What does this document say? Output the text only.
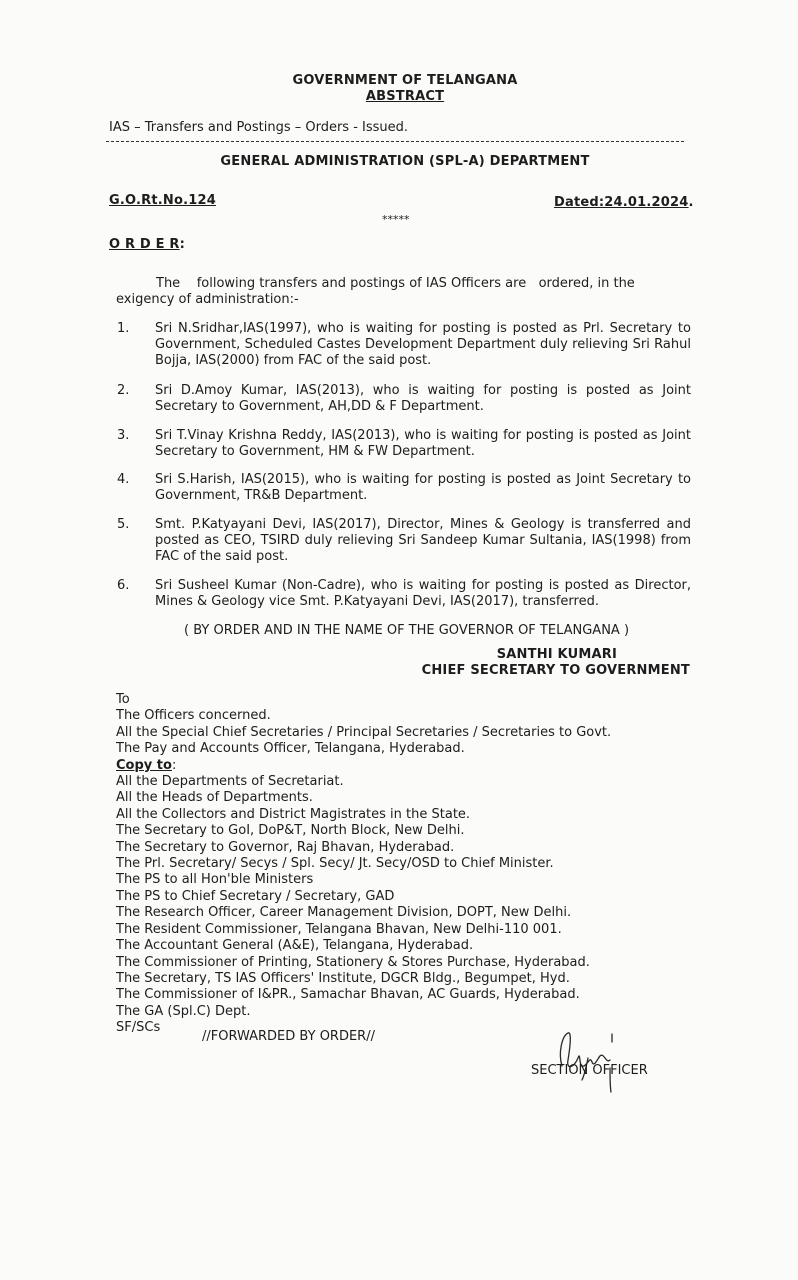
GOVERNMENT OF TELANGANA
ABSTRACT
IAS – Transfers and Postings – Orders - Issued.
GENERAL ADMINISTRATION (SPL-A) DEPARTMENT
G.O.Rt.No.124	Dated:24.01.2024.
*****
O R D E R:
The    following transfers and postings of IAS Officers are   ordered, in the
exigency of administration:-
1. Sri N.Sridhar,IAS(1997), who is waiting for posting is posted as Prl. Secretary to Government, Scheduled Castes Development Department duly relieving Sri Rahul Bojja, IAS(2000) from FAC of the said post.
2. Sri D.Amoy Kumar, IAS(2013), who is waiting for posting is posted as Joint Secretary to Government, AH,DD & F Department.
3. Sri T.Vinay Krishna Reddy, IAS(2013), who is waiting for posting is posted as Joint Secretary to Government, HM & FW Department.
4. Sri S.Harish, IAS(2015), who is waiting for posting is posted as Joint Secretary to Government, TR&B Department.
5. Smt. P.Katyayani Devi, IAS(2017), Director, Mines & Geology is transferred and posted as CEO, TSIRD duly relieving Sri Sandeep Kumar Sultania, IAS(1998) from FAC of the said post.
6. Sri Susheel Kumar (Non-Cadre), who is waiting for posting is posted as Director, Mines & Geology vice Smt. P.Katyayani Devi, IAS(2017), transferred.
( BY ORDER AND IN THE NAME OF THE GOVERNOR OF TELANGANA )
SANTHI KUMARI
CHIEF SECRETARY TO GOVERNMENT
To
The Officers concerned.
All the Special Chief Secretaries / Principal Secretaries / Secretaries to Govt.
The Pay and Accounts Officer, Telangana, Hyderabad.
Copy to:
All the Departments of Secretariat.
All the Heads of Departments.
All the Collectors and District Magistrates in the State.
The Secretary to GoI, DoP&T, North Block, New Delhi.
The Secretary to Governor, Raj Bhavan, Hyderabad.
The Prl. Secretary/ Secys / Spl. Secy/ Jt. Secy/OSD to Chief Minister.
The PS to all Hon'ble Ministers
The PS to Chief Secretary / Secretary, GAD
The Research Officer, Career Management Division, DOPT, New Delhi.
The Resident Commissioner, Telangana Bhavan, New Delhi-110 001.
The Accountant General (A&E), Telangana, Hyderabad.
The Commissioner of Printing, Stationery & Stores Purchase, Hyderabad.
The Secretary, TS IAS Officers' Institute, DGCR Bldg., Begumpet, Hyd.
The Commissioner of I&PR., Samachar Bhavan, AC Guards, Hyderabad.
The GA (Spl.C) Dept.
SF/SCs
//FORWARDED BY ORDER//
SECTION OFFICER
